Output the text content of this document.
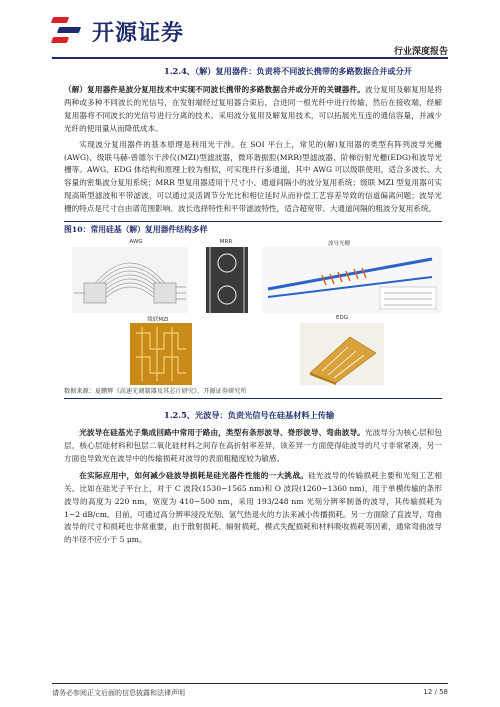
开源证券
行业深度报告
1.2.4、（解）复用器件：负责将不同波长携带的多路数据合并或分开

（解）复用器件是波分复用技术中实现不同波长携带的多路数据合并或分开的关键器件。波分复用及解复用是将两种或多种不同波长的光信号，在发射端经过复用器合束后，合进同一根光纤中进行传输，然后在接收端，经解复用器将不同波长的光信号进行分离的技术。采用波分复用及解复用技术，可以拓展光互连的通信容量，并减少光纤的使用量从而降低成本。

实现波分复用器件的基本原理是利用光干涉。在 SOI 平台上，常见的(解)复用器的类型有阵列波导光栅(AWG)、级联马赫-曾德尔干涉仪(MZI)型滤波器，微环谐振腔(MRR)型滤波器、阶梯衍射光栅(EDG)和波导光栅等。AWG、EDG 体结构和原理上较为相似，可实现并行多通道，其中 AWG 可以级联使用，适合多波长、大容量的密集波分复用系统；MRR 型复用器适用于尺寸小、通道间隔小的波分复用系统；级联 MZI 型复用器可实现高斯型滤波和平带滤波，可以通过灵活调节分光比和相位延时从而补偿工艺容差导致的信道偏离问题；波导光栅的特点是尺寸自由谱范围影响、波长选择特性和平带滤波特性，适合超宽带、大通道间隔的粗波分复用系统。

图10：常用硅基（解）复用器件结构多样
AWG	MRR	波导光栅
级联MZI	EDG
数据来源：夏鹏辉《高速光调制器及其芯片研究》、开源证券研究所
1.2.5、光波导：负责光信号在硅基材料上传输

光波导在硅基光子集成回路中常用于路由，类型有条形波导、脊形波导、弯曲波导。光波导分为核心层和包层，核心层硅材料和包层二氧化硅材料之间存在高折射率差异，该差异一方面使得硅波导的尺寸非常紧凑，另一方面也导致光在波导中的传输损耗对波导的表面粗糙度较为敏感。

在实际应用中，如何减少硅波导损耗是硅光器件性能的一大挑战。硅光波导的传输损耗主要和光刻工艺相关。比如在硅光子平台上，对于 C 波段(1530~1565 nm)和 O 波段(1260~1360 nm)，用于单模传输的条形波导的高度为 220 nm，宽度为 410~500 nm，采用 193/248 nm 光刻分辨率制备的波导，其传输损耗为 1~2 dB/cm。目前，可通过高分辨率浸没光刻、氢气热退火的方法来减小传播损耗。另一方面除了直波导，弯曲波导的尺寸和损耗也非常重要，由于散射损耗、辐射损耗、模式失配损耗和材料吸收损耗等因素，通常弯曲波导的半径不应小于 5 μm。

请务必参阅正文后面的信息披露和法律声明	12 / 58
